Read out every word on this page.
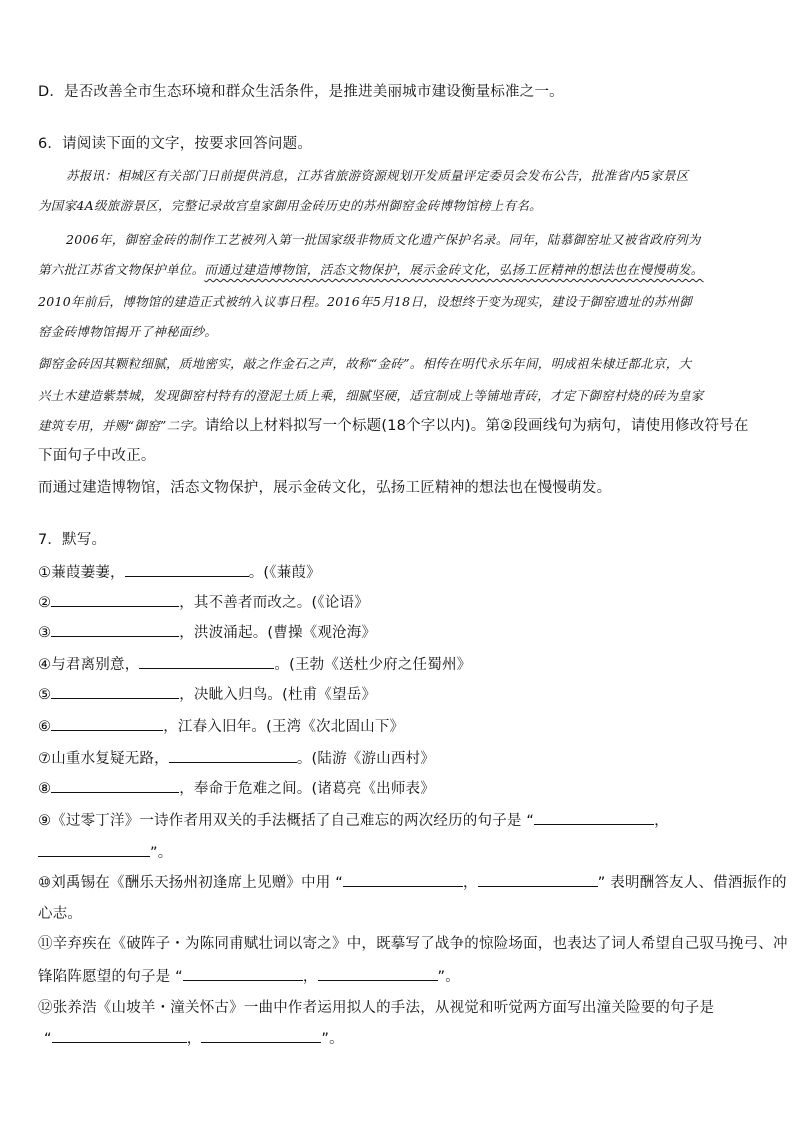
D．是否改善全市生态环境和群众生活条件，是推进美丽城市建设衡量标准之一。
6．请阅读下面的文字，按要求回答问题。
苏报讯：相城区有关部门日前提供消息，江苏省旅游资源规划开发质量评定委员会发布公告，批准省内5家景区
为国家4A级旅游景区，完整记录故宫皇家御用金砖历史的苏州御窑金砖博物馆榜上有名。
2006年，御窑金砖的制作工艺被列入第一批国家级非物质文化遗产保护名录。同年，陆慕御窑址又被省政府列为
第六批江苏省文物保护单位。而通过建造博物馆，活态文物保护，展示金砖文化，弘扬工匠精神的想法也在慢慢萌发。
2010年前后，博物馆的建造正式被纳入议事日程。2016年5月18日，设想终于变为现实，建设于御窑遗址的苏州御
窑金砖博物馆揭开了神秘面纱。
御窑金砖因其颗粒细腻，质地密实，敲之作金石之声，故称“金砖”。相传在明代永乐年间，明成祖朱棣迁都北京，大
兴土木建造紫禁城，发现御窑村特有的澄泥土质上乘，细腻坚硬，适宜制成上等铺地青砖，才定下御窑村烧的砖为皇家
建筑专用，并赐“御窑”二字。请给以上材料拟写一个标题(18个字以内)。第②段画线句为病句，请使用修改符号在
下面句子中改正。
而通过建造博物馆，活态文物保护，展示金砖文化，弘扬工匠精神的想法也在慢慢萌发。
7．默写。
①蒹葭萋萋，	。(《蒹葭》
②	，其不善者而改之。(《论语》
③	，洪波涌起。(曹操《观沧海》
④与君离别意，	。(王勃《送杜少府之任蜀州》
⑤	，决眦入归鸟。(杜甫《望岳》
⑥	，江春入旧年。(王湾《次北固山下》
⑦山重水复疑无路，	。(陆游《游山西村》
⑧	，奉命于危难之间。(诸葛亮《出师表》
⑨《过零丁洋》一诗作者用双关的手法概括了自己难忘的两次经历的句子是 “	，
”。
⑩刘禹锡在《酬乐天扬州初逢席上见赠》中用 “	，	” 表明酬答友人、借酒振作的
心志。
⑪辛弃疾在《破阵子・为陈同甫赋壮词以寄之》中，既摹写了战争的惊险场面，也表达了词人希望自己驭马挽弓、冲
锋陷阵愿望的句子是 “	，	”。
⑫张养浩《山坡羊・潼关怀古》一曲中作者运用拟人的手法，从视觉和听觉两方面写出潼关险要的句子是
“	，	”。
